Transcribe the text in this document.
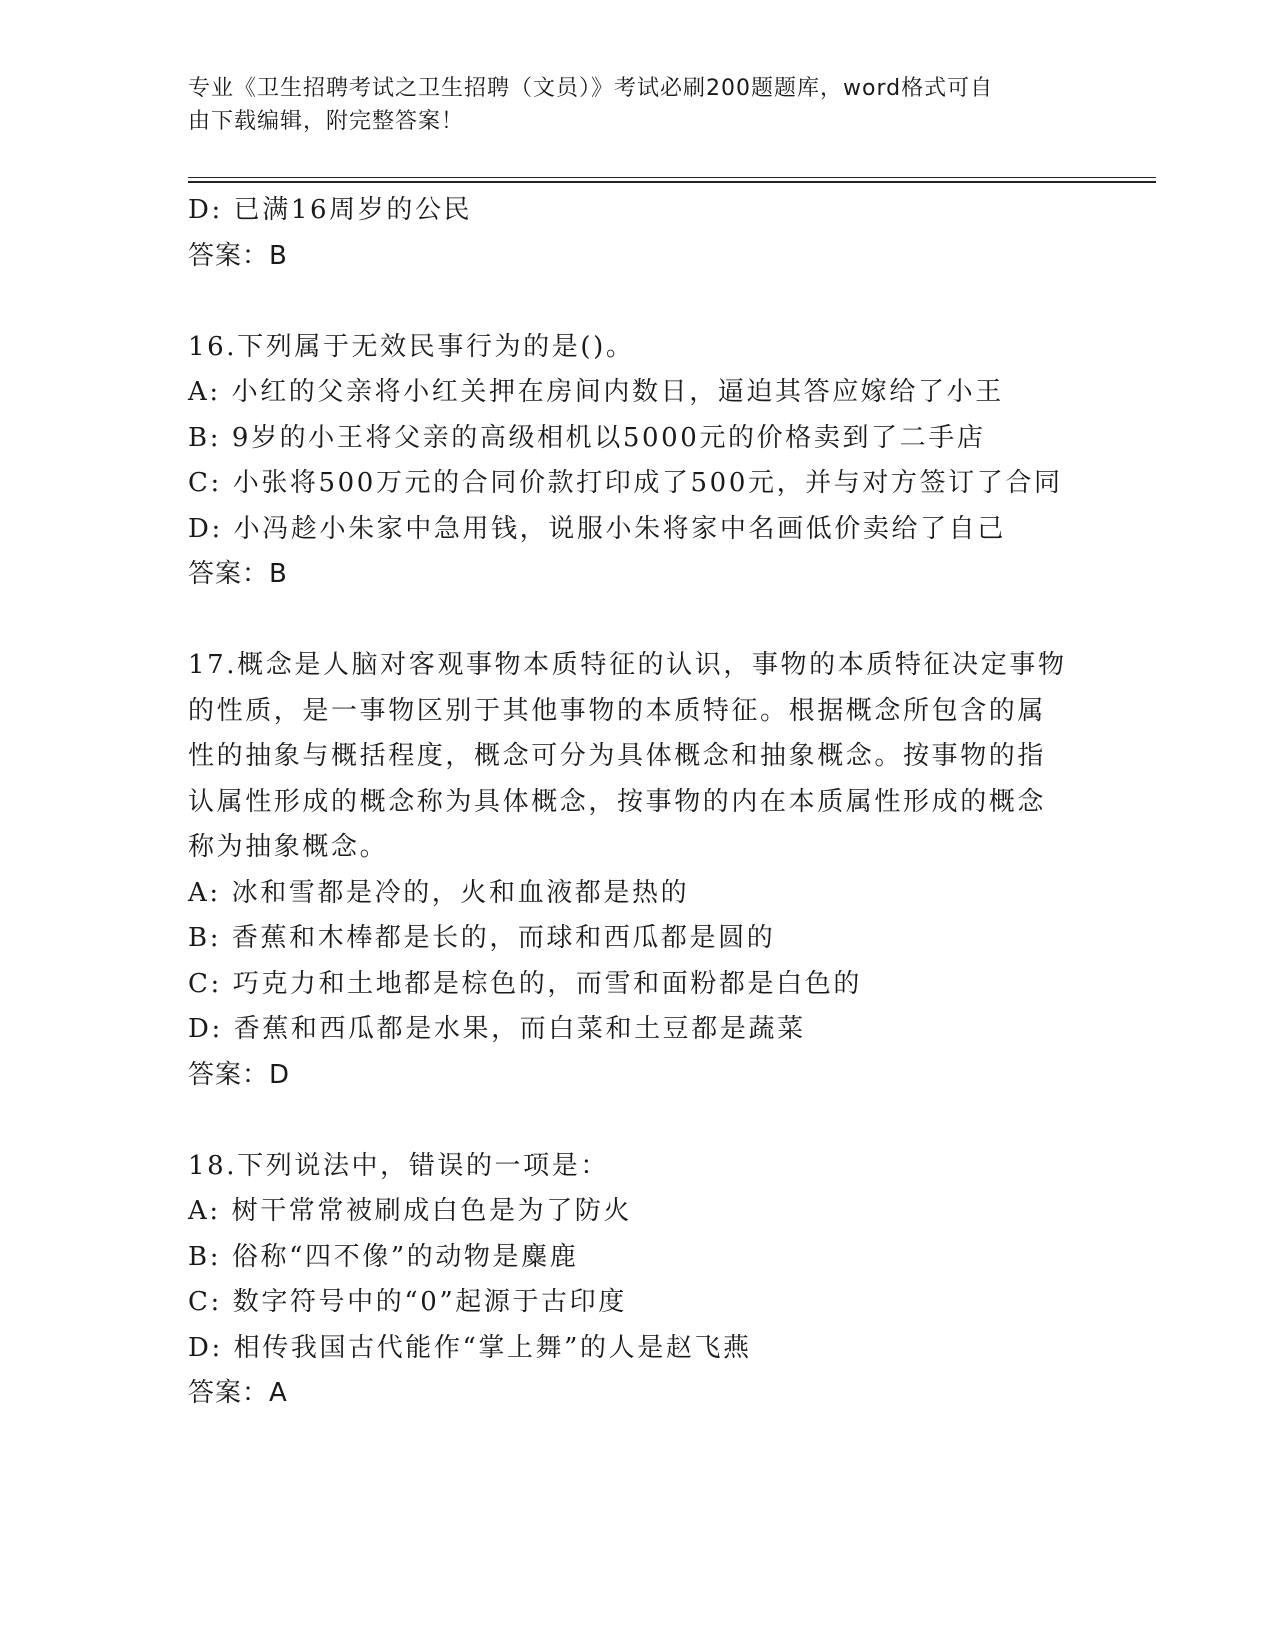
专业《卫生招聘考试之卫生招聘（文员）》考试必刷200题题库，word格式可自
由下载编辑，附完整答案！
D: 已满16周岁的公民
答案：B
16.下列属于无效民事行为的是()。
A: 小红的父亲将小红关押在房间内数日，逼迫其答应嫁给了小王
B: 9岁的小王将父亲的高级相机以5000元的价格卖到了二手店
C: 小张将500万元的合同价款打印成了500元，并与对方签订了合同
D: 小冯趁小朱家中急用钱，说服小朱将家中名画低价卖给了自己
答案：B
17.概念是人脑对客观事物本质特征的认识，事物的本质特征决定事物
的性质，是一事物区别于其他事物的本质特征。根据概念所包含的属
性的抽象与概括程度，概念可分为具体概念和抽象概念。按事物的指
认属性形成的概念称为具体概念，按事物的内在本质属性形成的概念
称为抽象概念。
A: 冰和雪都是冷的，火和血液都是热的
B: 香蕉和木棒都是长的，而球和西瓜都是圆的
C: 巧克力和土地都是棕色的，而雪和面粉都是白色的
D: 香蕉和西瓜都是水果，而白菜和土豆都是蔬菜
答案：D
18.下列说法中，错误的一项是：
A: 树干常常被刷成白色是为了防火
B: 俗称“四不像”的动物是麋鹿
C: 数字符号中的“0”起源于古印度
D: 相传我国古代能作“掌上舞”的人是赵飞燕
答案：A
